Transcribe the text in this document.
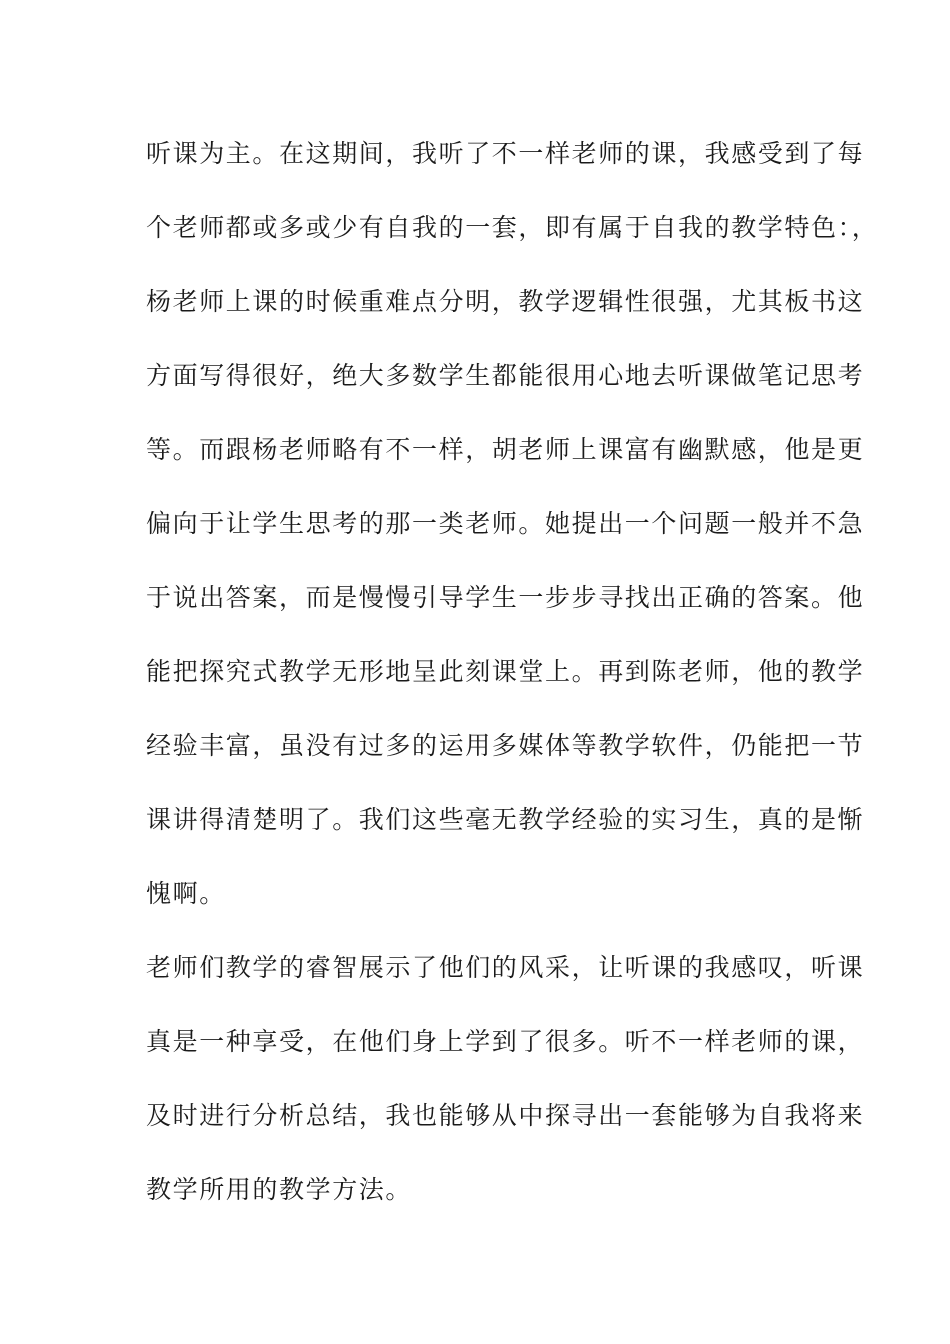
听课为主。在这期间，我听了不一样老师的课，我感受到了每
个老师都或多或少有自我的一套，即有属于自我的教学特色：，
杨老师上课的时候重难点分明，教学逻辑性很强，尤其板书这
方面写得很好，绝大多数学生都能很用心地去听课做笔记思考
等。而跟杨老师略有不一样，胡老师上课富有幽默感，他是更
偏向于让学生思考的那一类老师。她提出一个问题一般并不急
于说出答案，而是慢慢引导学生一步步寻找出正确的答案。他
能把探究式教学无形地呈此刻课堂上。再到陈老师，他的教学
经验丰富，虽没有过多的运用多媒体等教学软件，仍能把一节
课讲得清楚明了。我们这些毫无教学经验的实习生，真的是惭
愧啊。
老师们教学的睿智展示了他们的风采，让听课的我感叹，听课
真是一种享受，在他们身上学到了很多。听不一样老师的课，
及时进行分析总结，我也能够从中探寻出一套能够为自我将来
教学所用的教学方法。
